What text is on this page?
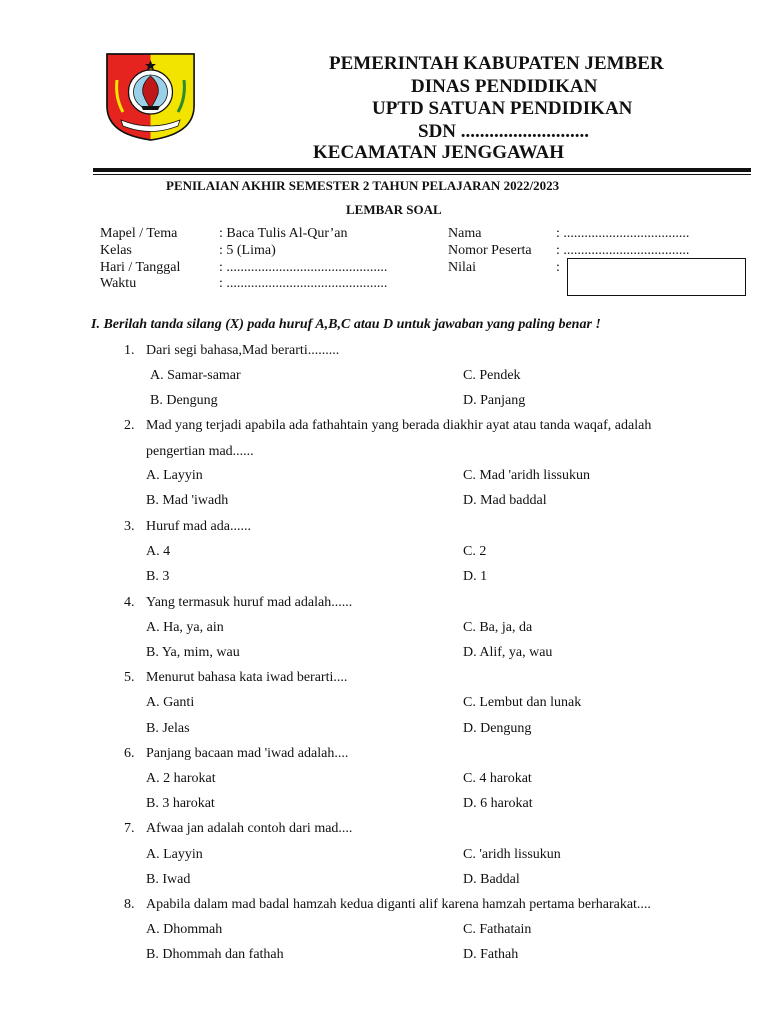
PEMERINTAH KABUPATEN JEMBER
DINAS PENDIDIKAN
UPTD SATUAN PENDIDIKAN
SDN ...........................
KECAMATAN JENGGAWAH
PENILAIAN AKHIR SEMESTER 2 TAHUN PELAJARAN 2022/2023
LEMBAR SOAL
Mapel / Tema	: Baca Tulis Al-Qur’an
Kelas	: 5 (Lima)
Hari / Tanggal	: ..............................................
Waktu	: ..............................................
Nama	: ....................................
Nomor Peserta : ....................................
Nilai	:
I. Berilah tanda silang (X) pada huruf A,B,C atau D untuk jawaban yang paling benar !
1. Dari segi bahasa,Mad berarti.........
A. Samar-samar	C. Pendek
B. Dengung	D. Panjang
2. Mad yang terjadi apabila ada fathahtain yang berada diakhir ayat atau tanda waqaf, adalah
pengertian mad......
A. Layyin	C. Mad 'aridh lissukun
B. Mad 'iwadh	D. Mad baddal
3. Huruf mad ada......
A. 4	C. 2
B. 3	D. 1
4. Yang termasuk huruf mad adalah......
A. Ha, ya, ain	C. Ba, ja, da
B. Ya, mim, wau	D. Alif, ya, wau
5. Menurut bahasa kata iwad berarti....
A. Ganti	C. Lembut dan lunak
B. Jelas	D. Dengung
6. Panjang bacaan mad 'iwad adalah....
A. 2 harokat	C. 4 harokat
B. 3 harokat	D. 6 harokat
7. Afwaa jan adalah contoh dari mad....
A. Layyin	C. 'aridh lissukun
B. Iwad	D. Baddal
8. Apabila dalam mad badal hamzah kedua diganti alif karena hamzah pertama berharakat....
A. Dhommah	C. Fathatain
B. Dhommah dan fathah	D. Fathah
